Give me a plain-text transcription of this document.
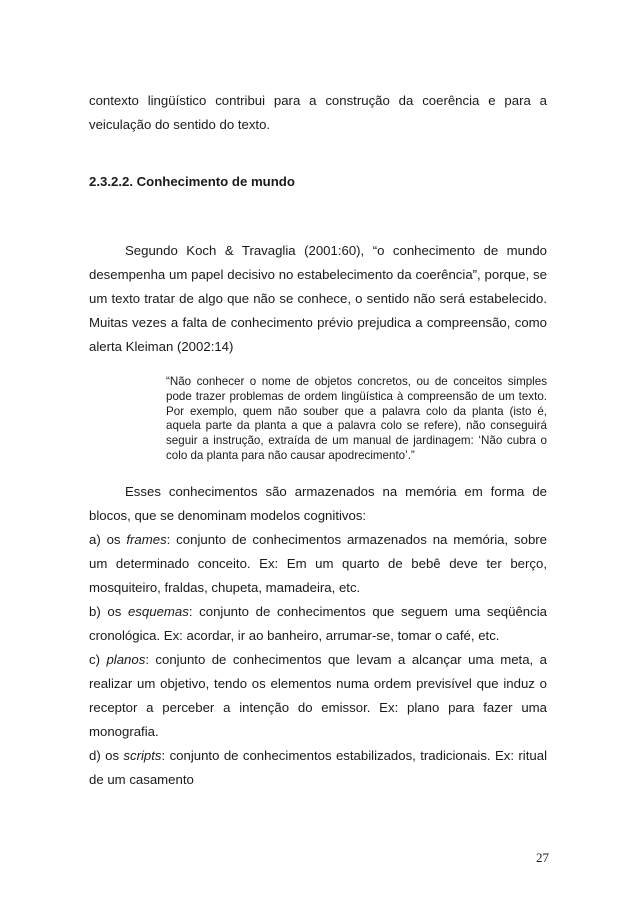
contexto lingüístico contribui para a construção da coerência e para a veiculação do sentido do texto.

2.3.2.2. Conhecimento de mundo

Segundo Koch & Travaglia (2001:60), “o conhecimento de mundo desempenha um papel decisivo no estabelecimento da coerência”, porque, se um texto tratar de algo que não se conhece, o sentido não será estabelecido. Muitas vezes a falta de conhecimento prévio prejudica a compreensão, como alerta Kleiman (2002:14)

“Não conhecer o nome de objetos concretos, ou de conceitos simples pode trazer problemas de ordem lingüística à compreensão de um texto. Por exemplo, quem não souber que a palavra colo da planta (isto é, aquela parte da planta a que a palavra colo se refere), não conseguirá seguir a instrução, extraída de um manual de jardinagem: ‘Não cubra o colo da planta para não causar apodrecimento’.”

Esses conhecimentos são armazenados na memória em forma de blocos, que se denominam modelos cognitivos:

a) os frames: conjunto de conhecimentos armazenados na memória, sobre um determinado conceito. Ex: Em um quarto de bebê deve ter berço, mosquiteiro, fraldas, chupeta, mamadeira, etc.
b) os esquemas: conjunto de conhecimentos que seguem uma seqüência cronológica. Ex: acordar, ir ao banheiro, arrumar-se, tomar o café, etc.
c) planos: conjunto de conhecimentos que levam a alcançar uma meta, a realizar um objetivo, tendo os elementos numa ordem previsível que induz o receptor a perceber a intenção do emissor. Ex: plano para fazer uma monografia.
d) os scripts: conjunto de conhecimentos estabilizados, tradicionais. Ex: ritual de um casamento
27
